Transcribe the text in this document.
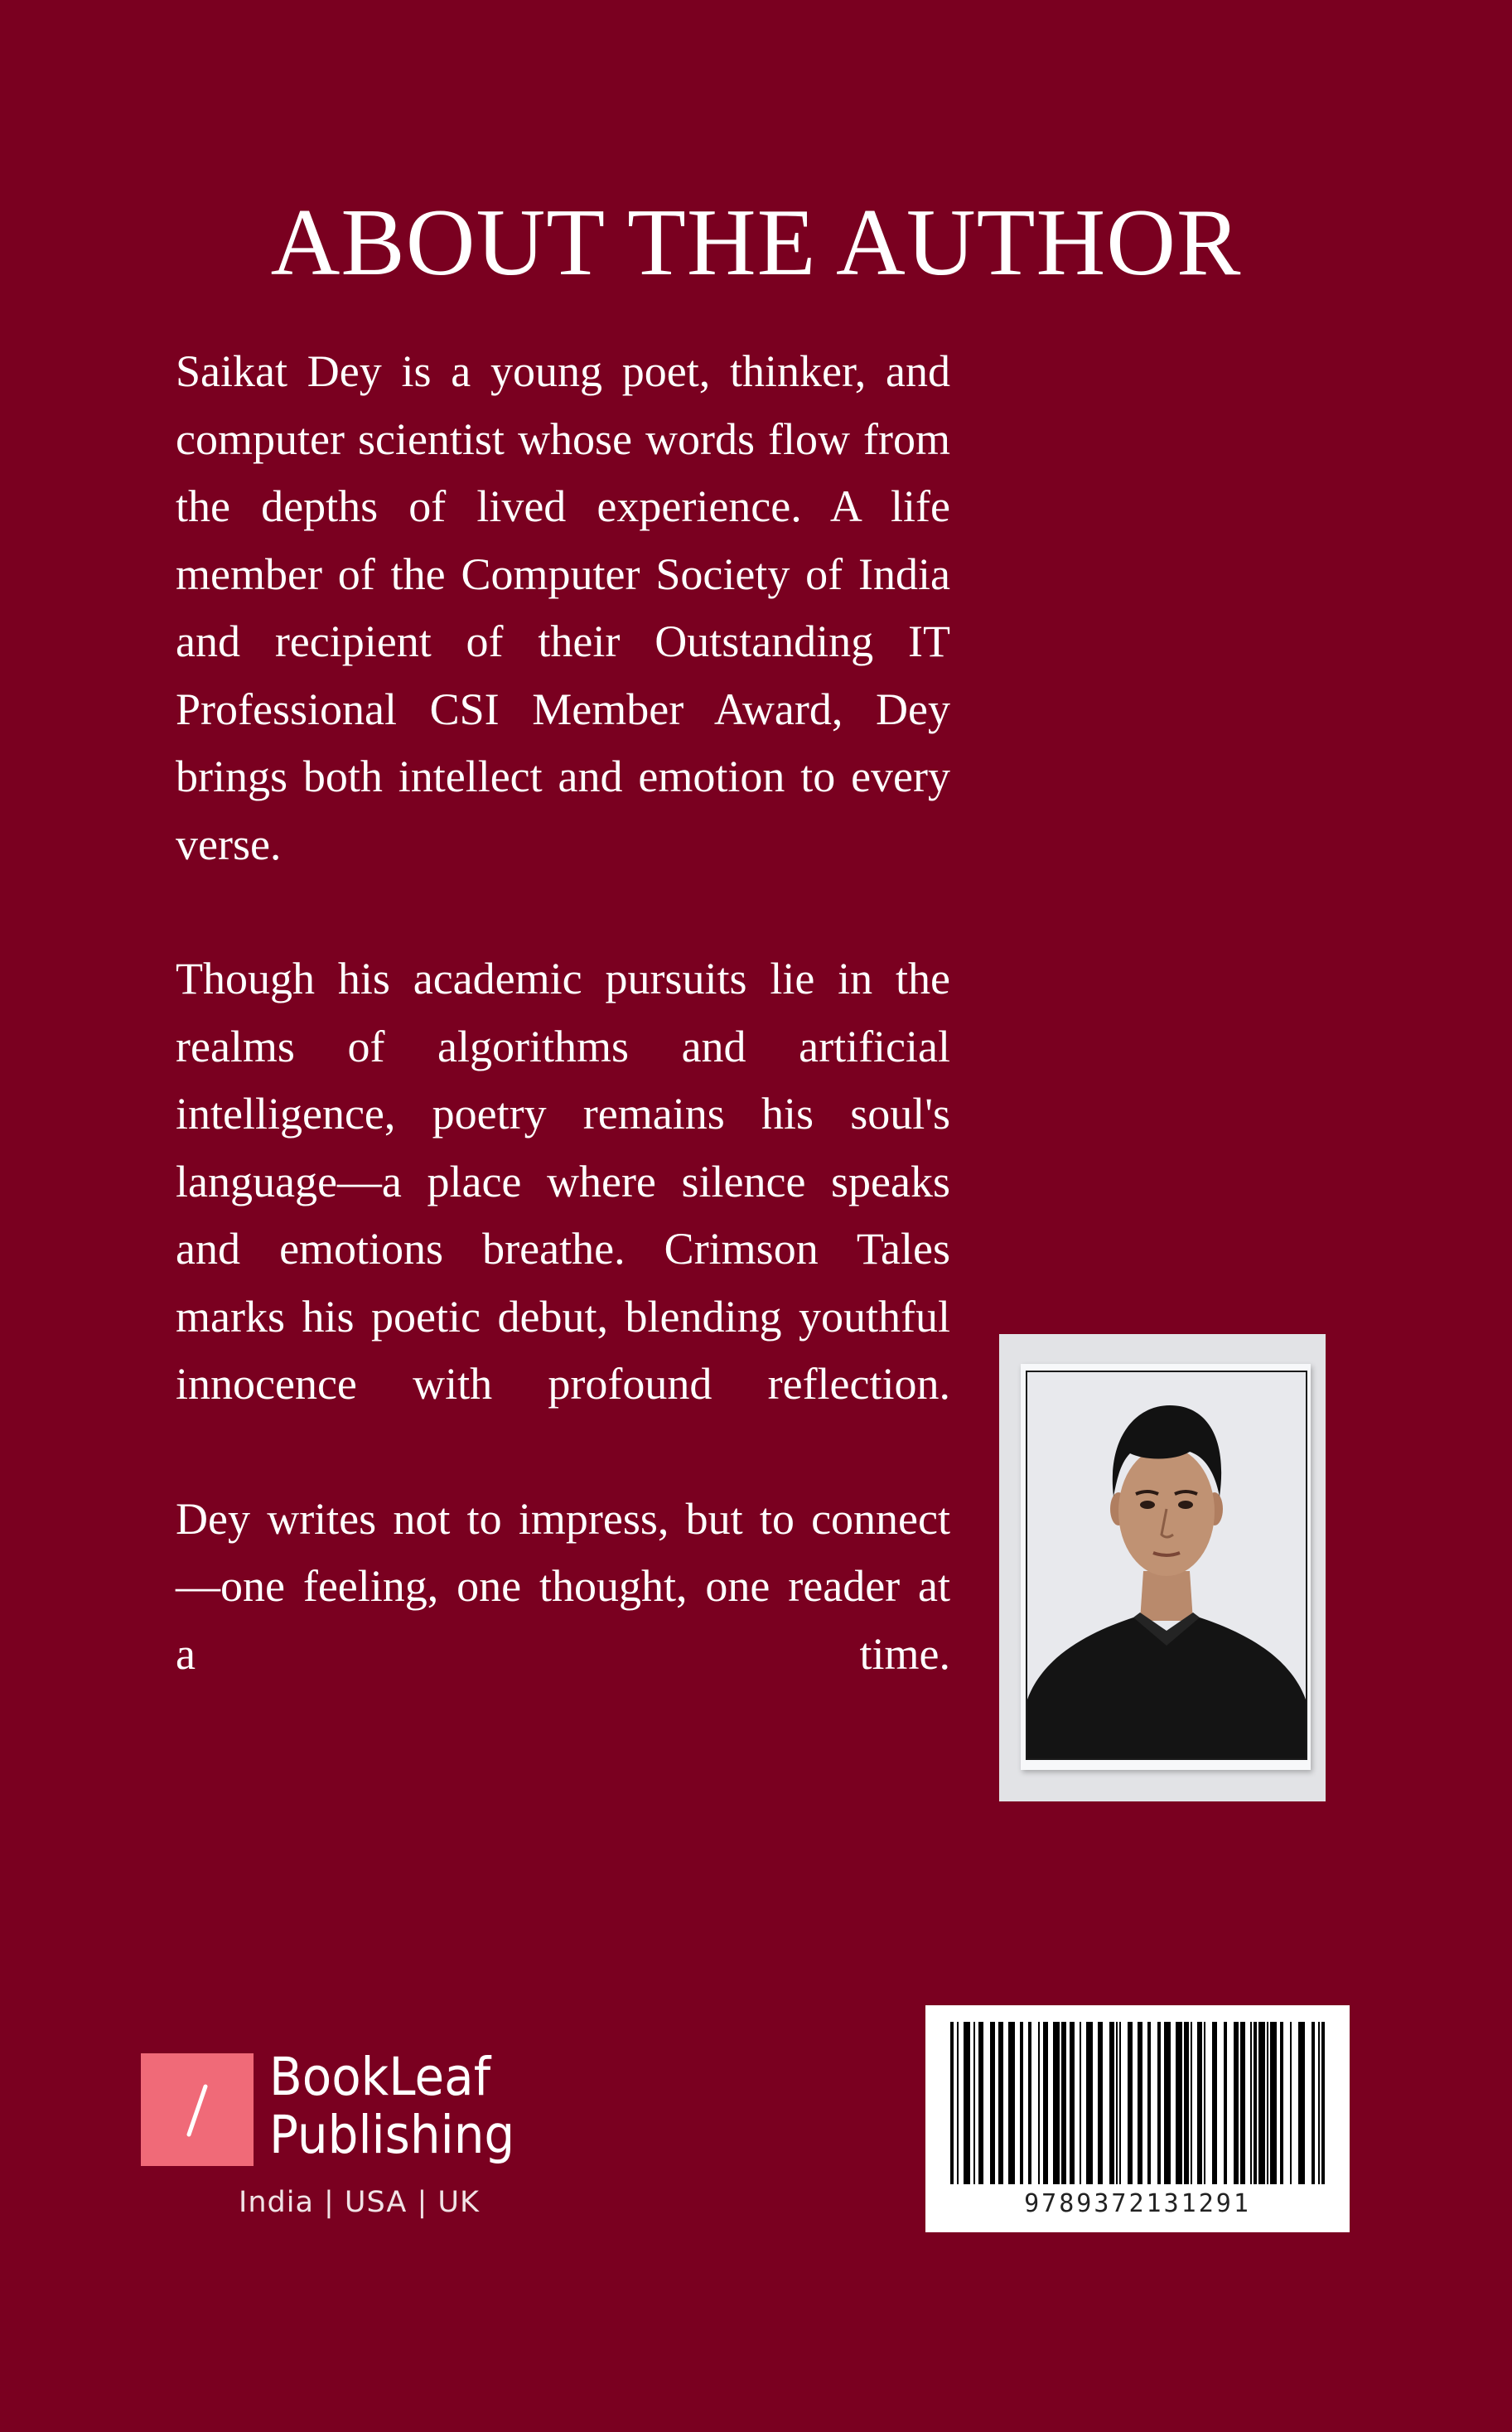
ABOUT THE AUTHOR

Saikat Dey is a young poet, thinker, and computer scientist whose words flow from the depths of lived experience. A life member of the Computer Society of India and recipient of their Outstanding IT Professional CSI Member Award, Dey brings both intellect and emotion to every verse.

Though his academic pursuits lie in the realms of algorithms and artificial intelligence, poetry remains his soul's language—a place where silence speaks and emotions breathe. Crimson Tales marks his poetic debut, blending youthful innocence with profound reflection.

Dey writes not to impress, but to connect—one feeling, one thought, one reader at a time.

BookLeaf
Publishing
India | USA | UK	9789372131291
